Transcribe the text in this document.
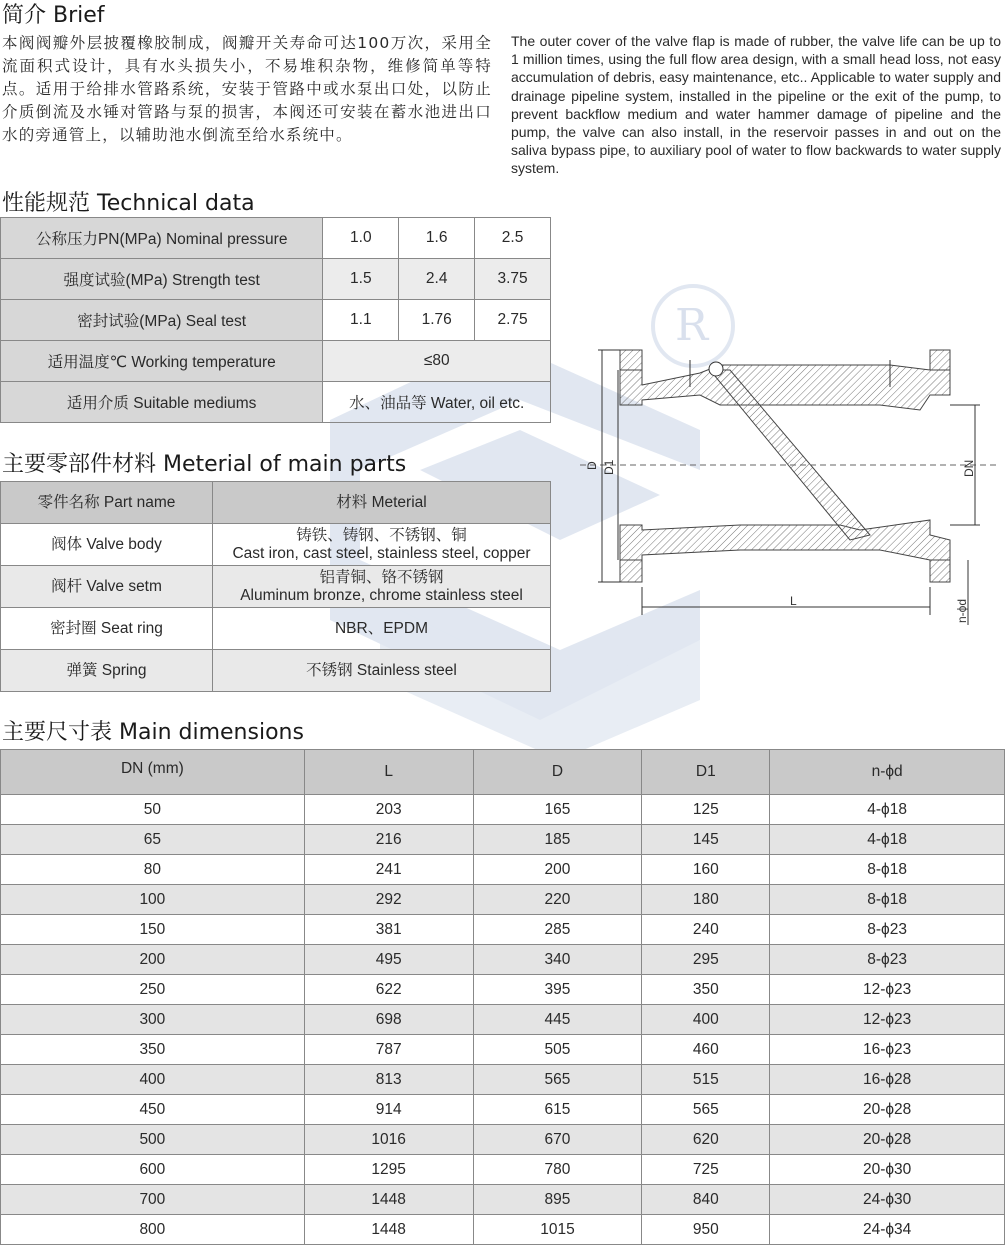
R
简介 Brief
本阀阀瓣外层披覆橡胶制成，阀瓣开关寿命可达100万次，采用全流面积式设计，具有水头损失小，不易堆积杂物，维修简单等特点。适用于给排水管路系统，安装于管路中或水泵出口处，以防止介质倒流及水锤对管路与泵的损害，本阀还可安装在蓄水池进出口水的旁通管上，以辅助池水倒流至给水系统中。
The outer cover of the valve flap is made of rubber, the valve life can be up to 1 million times, using the full flow area design, with a small head loss, not easy accumulation of debris, easy maintenance, etc.. Applicable to water supply and drainage pipeline system, installed in the pipeline or the exit of the pump, to prevent backflow medium and water hammer damage of pipeline and the pump, the valve can also install, in the reservoir passes in and out on the saliva bypass pipe, to auxiliary pool of water to flow backwards to water supply system.
性能规范 Technical data
公称压力PN(MPa) Nominal pressure	1.0	1.6	2.5
强度试验(MPa) Strength test	1.5	2.4	3.75
密封试验(MPa) Seal test	1.1	1.76	2.75
适用温度℃ Working temperature	≤80		
适用介质 Suitable mediums	水、油品等 Water, oil etc.		
主要零部件材料 Meterial of main parts
零件名称 Part name	材料 Meterial
阀体 Valve body	铸铁、铸钢、不锈钢、铜
Cast iron, cast steel, stainless steel, copper

阀杆 Valve setm	铝青铜、铬不锈钢
Aluminum bronze, chrome stainless steel

密封圈 Seat ring	NBR、EPDM
弹簧 Spring	不锈钢 Stainless steel
D D1	DN
L	n-ϕd
主要尺寸表 Main dimensions
DN (mm)	L	D	D1	n-ϕd
50	203	165	125	4-ϕ18
65	216	185	145	4-ϕ18
80	241	200	160	8-ϕ18
100	292	220	180	8-ϕ18
150	381	285	240	8-ϕ23
200	495	340	295	8-ϕ23
250	622	395	350	12-ϕ23
300	698	445	400	12-ϕ23
350	787	505	460	16-ϕ23
400	813	565	515	16-ϕ28
450	914	615	565	20-ϕ28
500	1016	670	620	20-ϕ28
600	1295	780	725	20-ϕ30
700	1448	895	840	24-ϕ30
800	1448	1015	950	24-ϕ34
